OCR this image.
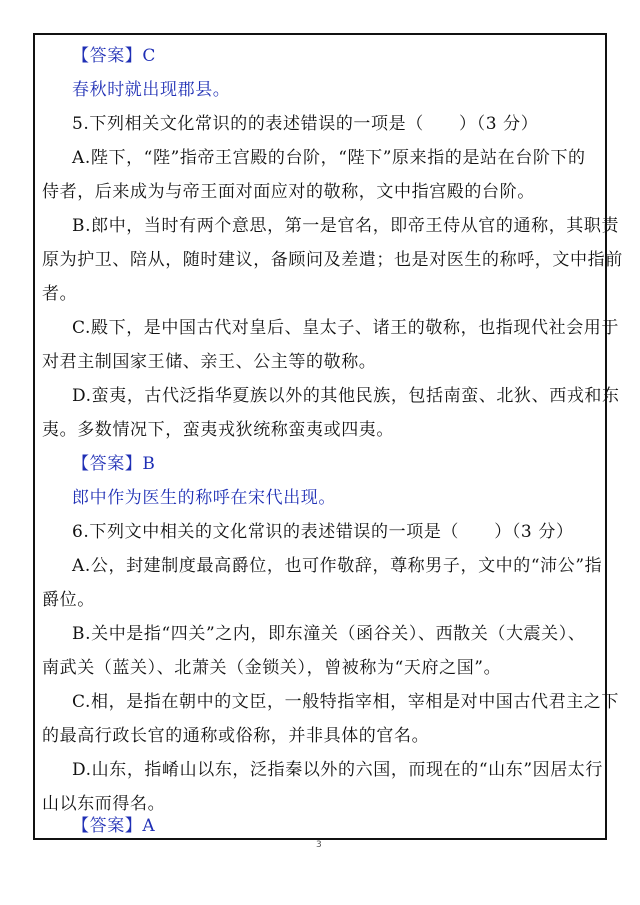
【答案】C
春秋时就出现郡县。
5.下列相关文化常识的的表述错误的一项是（　　）（3 分）
A.陛下，“陛”指帝王宫殿的台阶，“陛下”原来指的是站在台阶下的
侍者，后来成为与帝王面对面应对的敬称，文中指宫殿的台阶。
B.郎中，当时有两个意思，第一是官名，即帝王侍从官的通称，其职责
原为护卫、陪从，随时建议，备顾问及差遣；也是对医生的称呼，文中指前
者。
C.殿下，是中国古代对皇后、皇太子、诸王的敬称，也指现代社会用于
对君主制国家王储、亲王、公主等的敬称。
D.蛮夷，古代泛指华夏族以外的其他民族，包括南蛮、北狄、西戎和东
夷。多数情况下，蛮夷戎狄统称蛮夷或四夷。
【答案】B
郎中作为医生的称呼在宋代出现。
6.下列文中相关的文化常识的表述错误的一项是（　　）（3 分）
A.公，封建制度最高爵位，也可作敬辞，尊称男子，文中的“沛公”指
爵位。
B.关中是指“四关”之内，即东潼关（函谷关）、西散关（大震关）、
南武关（蓝关）、北萧关（金锁关），曾被称为“天府之国”。
C.相，是指在朝中的文臣，一般特指宰相，宰相是对中国古代君主之下
的最高行政长官的通称或俗称，并非具体的官名。
D.山东，指崤山以东，泛指秦以外的六国，而现在的“山东”因居太行
山以东而得名。
【答案】A
3
